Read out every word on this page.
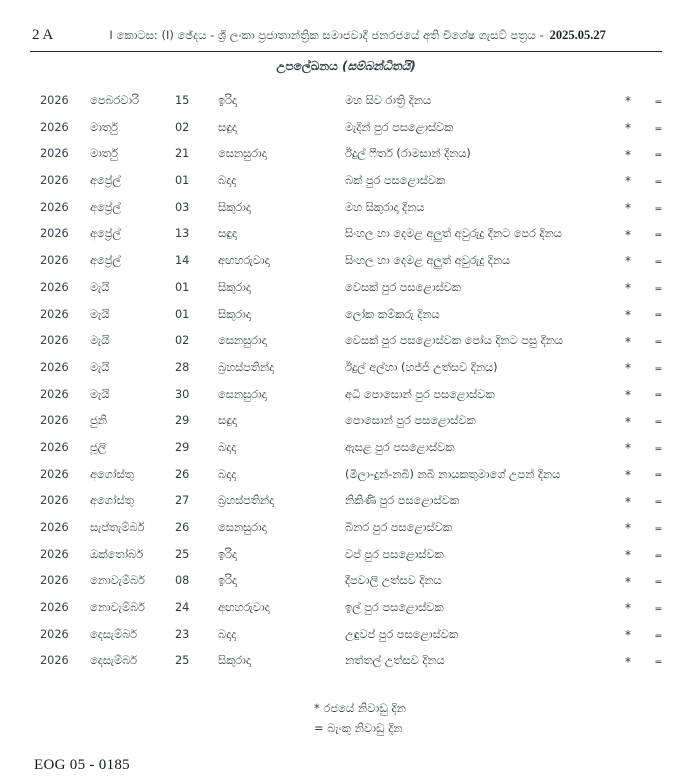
2 A	I කොටස: (I) ඡේදය - ශ්‍රී ලංකා ප්‍රජාතාන්ත්‍රික සමාජවාදී ජනරජයේ අති විශේෂ ගැසට් පත්‍රය - 2025.05.27
උපලේඛනය (සම්බන්ධිතයි)
2026	පෙබරවාරි	15	ඉරිදා	මහ සිව රාත්‍රි දිනය	*	=
2026	මාර්තු	02	සඳුදා	මැදින් පුර පසළොස්වක	*	=
2026	මාර්තු	21	සෙනසුරාදා	ඊදුල් ෆීතර් (රාමසාන් දිනය)	*	=
2026	අප්‍රේල්	01	බදාදා	බක් පුර පසළොස්වක	*	=
2026	අප්‍රේල්	03	සිකුරාදා	මහ සිකුරාදා දිනය	*	=
2026	අප්‍රේල්	13	සඳුදා	සිංහල හා දෙමළ අලුත් අවුරුදු දිනට පෙර දිනය	*	=
2026	අප්‍රේල්	14	අඟහරුවාදා	සිංහල හා දෙමළ අලුත් අවුරුදු දිනය	*	=
2026	මැයි	01	සිකුරාදා	වෙසක් පුර පසළොස්වක	*	=
2026	මැයි	01	සිකුරාදා	ලෝක කම්කරු දිනය	*	=
2026	මැයි	02	සෙනසුරාදා	වෙසක් පුර පසළොස්වක පෝය දිනට පසු දිනය	*	=
2026	මැයි	28	බ්‍රහස්පතින්දා	ඊදුල් අල්හා (හජ්ජි උත්සව දිනය)	*	=
2026	මැයි	30	සෙනසුරාදා	අධි පොසොන් පුර පසළොස්වක	*	=
2026	ජුනි	29	සඳුදා	පොසොන් පුර පසළොස්වක	*	=
2026	ජූලි	29	බදාදා	ඇසළ පුර පසළොස්වක	*	=
2026	අගෝස්තු	26	බදාදා	(මීලා-දුන්-නබි) නබි නායකතුමාගේ උපන් දිනය	*	=
2026	අගෝස්තු	27	බ්‍රහස්පතින්දා	නිකිණි පුර පසළොස්වක	*	=
2026	සැප්තැම්බර්	26	සෙනසුරාදා	බිනර පුර පසළොස්වක	*	=
2026	ඔක්තෝබර්	25	ඉරිදා	වප් පුර පසළොස්වක	*	=
2026	නොවැම්බර්	08	ඉරිදා	දීපවාලි උත්සව දිනය	*	=
2026	නොවැම්බර්	24	අඟහරුවාදා	ඉල් පුර පසළොස්වක	*	=
2026	දෙසැම්බර්	23	බදාදා	උඳුවප් පුර පසළොස්වක	*	=
2026	දෙසැම්බර්	25	සිකුරාදා	නත්තල් උත්සව දිනය	*	=
* රජයේ නිවාඩු දින
= බැංකු නිවාඩු දින
EOG 05 - 0185
